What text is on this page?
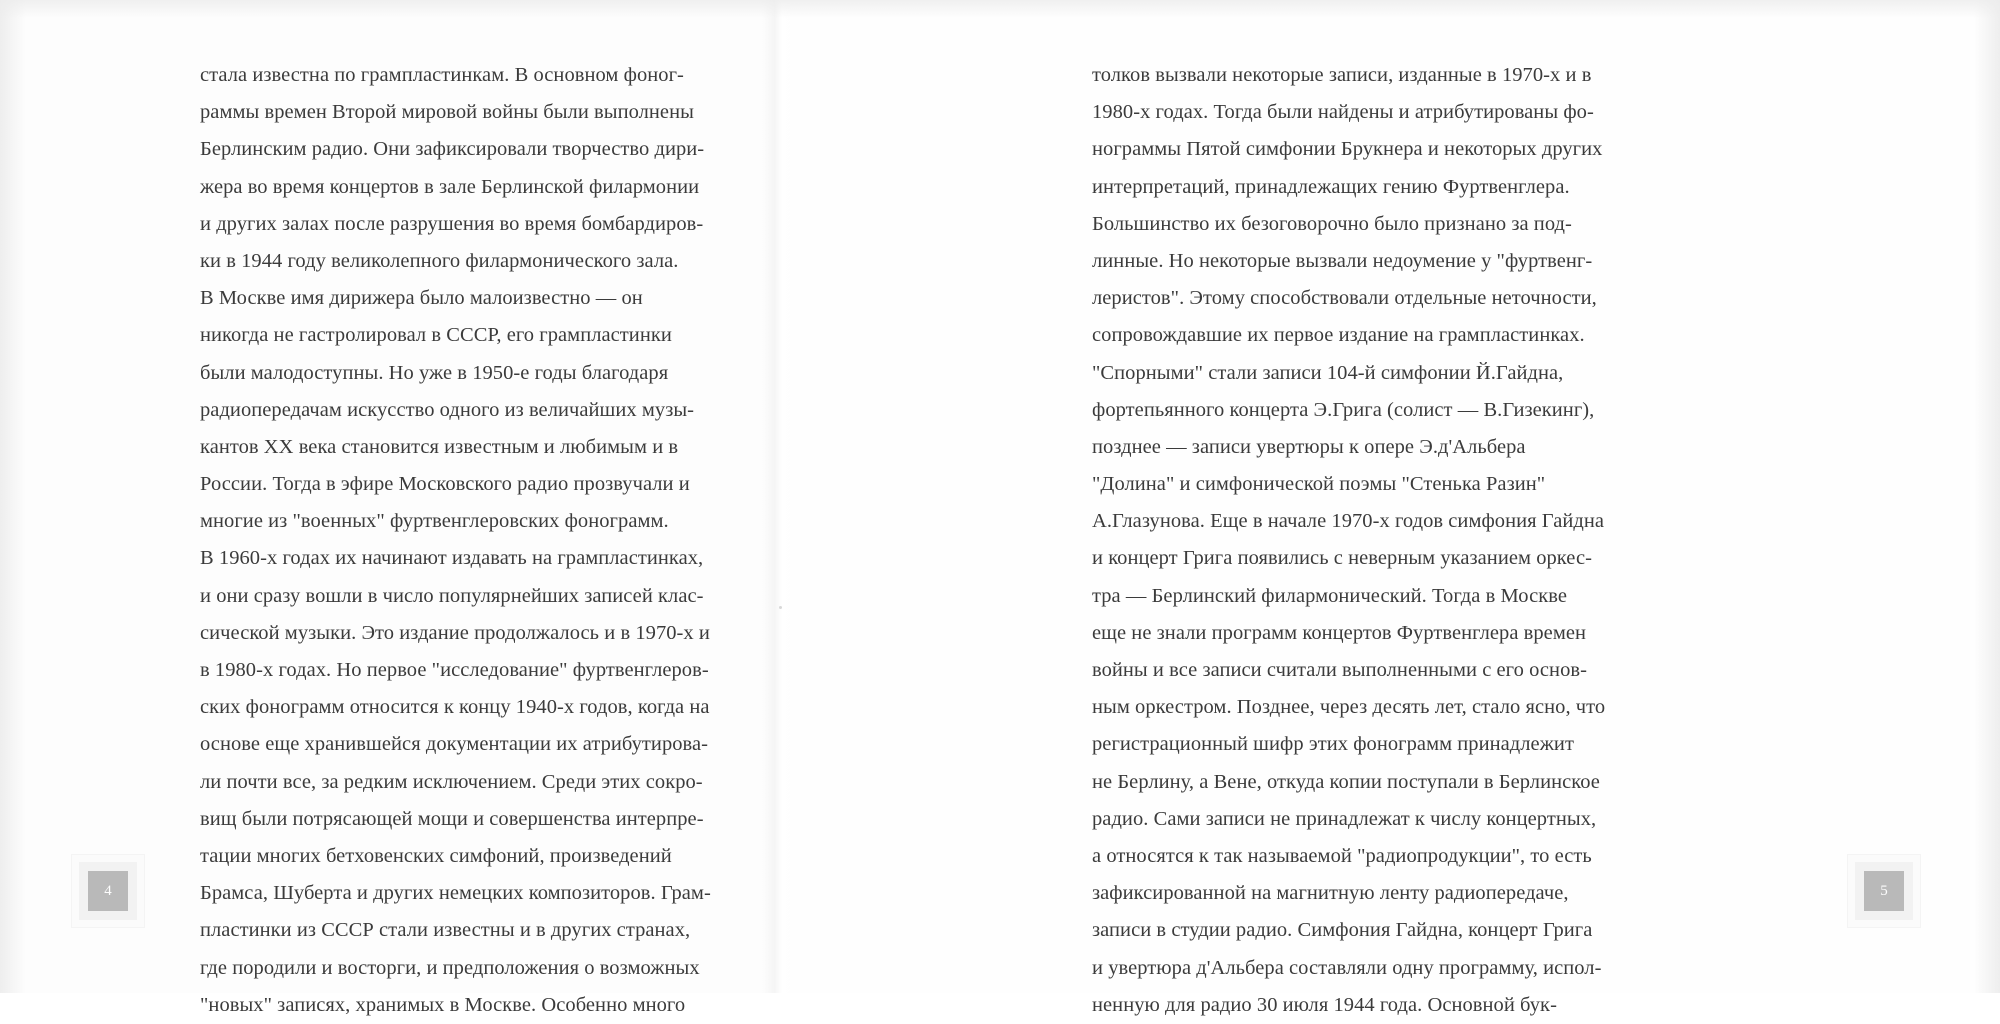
стала известна по грампластинкам. В основном фоног-
раммы времен Второй мировой войны были выполнены
Берлинским радио. Они зафиксировали творчество дири-
жера во время концертов в зале Берлинской филармонии
и других залах после разрушения во время бомбардиров-
ки в 1944 году великолепного филармонического зала.
В Москве имя дирижера было малоизвестно — он
никогда не гастролировал в СССР, его грампластинки
были малодоступны. Но уже в 1950-е годы благодаря
радиопередачам искусство одного из величайших музы-
кантов XX века становится известным и любимым и в
России. Тогда в эфире Московского радио прозвучали и
многие из "военных" фуртвенглеровских фонограмм.
В 1960-х годах их начинают издавать на грампластинках,
и они сразу вошли в число популярнейших записей клас-
сической музыки. Это издание продолжалось и в 1970-х и
в 1980-х годах. Но первое "исследование" фуртвенглеров-
ских фонограмм относится к концу 1940-х годов, когда на
основе еще хранившейся документации их атрибутирова-
ли почти все, за редким исключением. Среди этих сокро-
вищ были потрясающей мощи и совершенства интерпре-
тации многих бетховенских симфоний, произведений
Брамса, Шуберта и других немецких композиторов. Грам-
пластинки из СССР стали известны и в других странах,
где породили и восторги, и предположения о возможных
"новых" записях, хранимых в Москве. Особенно много
толков вызвали некоторые записи, изданные в 1970-х и в
1980-х годах. Тогда были найдены и атрибутированы фо-
нограммы Пятой симфонии Брукнера и некоторых других
интерпретаций, принадлежащих гению Фуртвенглера.
Большинство их безоговорочно было признано за под-
линные. Но некоторые вызвали недоумение у "фуртвенг-
леристов". Этому способствовали отдельные неточности,
сопровождавшие их первое издание на грампластинках.
"Спорными" стали записи 104-й симфонии Й.Гайдна,
фортепьянного концерта Э.Грига (солист — В.Гизекинг),
позднее — записи увертюры к опере Э.д'Альбера
"Долина" и симфонической поэмы "Стенька Разин"
А.Глазунова. Еще в начале 1970-х годов симфония Гайдна
и концерт Грига появились с неверным указанием оркес-
тра — Берлинский филармонический. Тогда в Москве
еще не знали программ концертов Фуртвенглера времен
войны и все записи считали выполненными с его основ-
ным оркестром. Позднее, через десять лет, стало ясно, что
регистрационный шифр этих фонограмм принадлежит
не Берлину, а Вене, откуда копии поступали в Берлинское
радио. Сами записи не принадлежат к числу концертных,
а относятся к так называемой "радиопродукции", то есть
зафиксированной на магнитную ленту радиопередаче,
записи в студии радио. Симфония Гайдна, концерт Грига
и увертюра д'Альбера составляли одну программу, испол-
ненную для радио 30 июля 1944 года. Основной бук-
4	5
